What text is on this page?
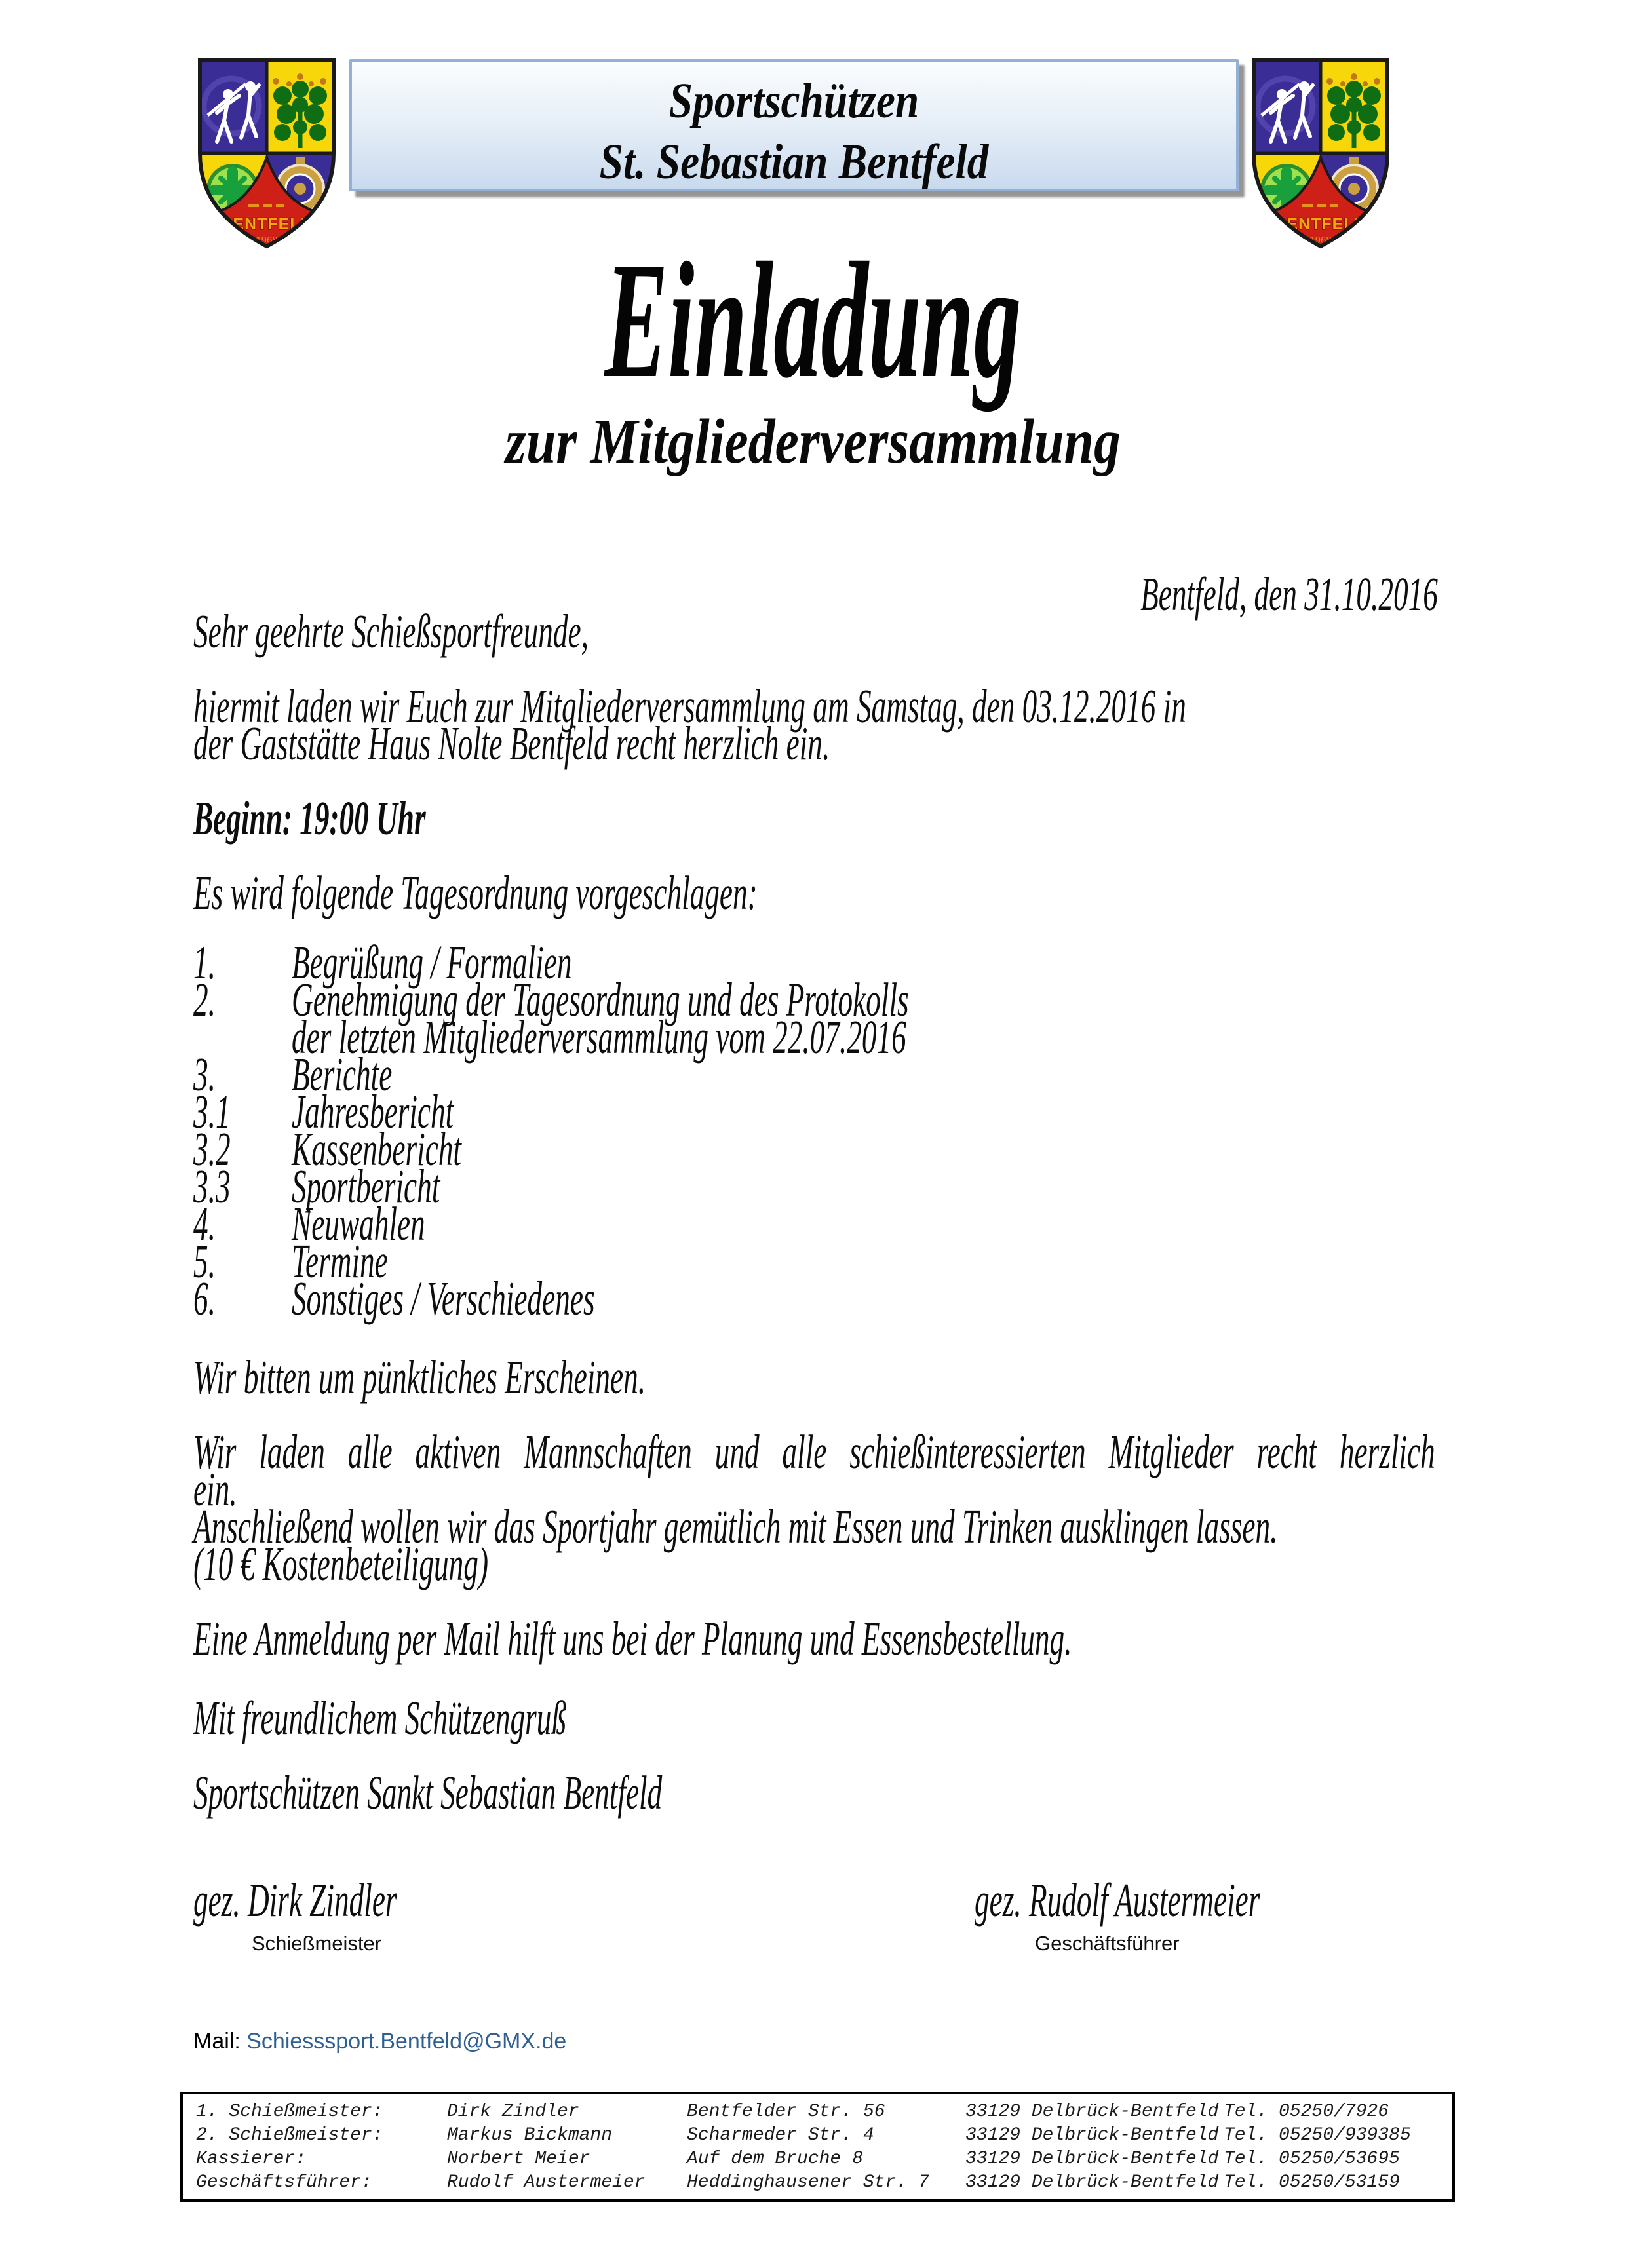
Sportschützen
St. Sebastian Bentfeld
Einladung
zur Mitgliederversammlung
Bentfeld, den 31.10.2016
Sehr geehrte Schießsportfreunde,
hiermit laden wir Euch zur Mitgliederversammlung am Samstag, den 03.12.2016 in
der Gaststätte Haus Nolte Bentfeld recht herzlich ein.
Beginn: 19:00 Uhr
Es wird folgende Tagesordnung vorgeschlagen:
1. Begrüßung / Formalien
2. Genehmigung der Tagesordnung und des Protokolls
der letzten Mitgliederversammlung vom 22.07.2016
3. Berichte
3.1 Jahresbericht
3.2 Kassenbericht
3.3 Sportbericht
4. Neuwahlen
5. Termine
6. Sonstiges / Verschiedenes
Wir bitten um pünktliches Erscheinen.
Wir laden alle aktiven Mannschaften und alle schießinteressierten Mitglieder recht herzlich
ein.
Anschließend wollen wir das Sportjahr gemütlich mit Essen und Trinken ausklingen lassen.
(10 € Kostenbeteiligung)
Eine Anmeldung per Mail hilft uns bei der Planung und Essensbestellung.
Mit freundlichem Schützengruß
Sportschützen Sankt Sebastian Bentfeld
gez. Dirk Zindler	gez. Rudolf Austermeier
Schießmeister	Geschäftsführer
Mail: Schiesssport.Bentfeld@GMX.de
1. Schießmeister:	Dirk Zindler	Bentfelder Str. 56	33129 Delbrück-Bentfeld Tel. 05250/7926
2. Schießmeister:	Markus Bickmann	Scharmeder Str. 4	33129 Delbrück-Bentfeld Tel. 05250/939385
Kassierer:	Norbert Meier	Auf dem Bruche 8	33129 Delbrück-Bentfeld Tel. 05250/53695
Geschäftsführer:	Rudolf Austermeier	Heddinghausener Str. 7	33129 Delbrück-Bentfeld Tel. 05250/53159
